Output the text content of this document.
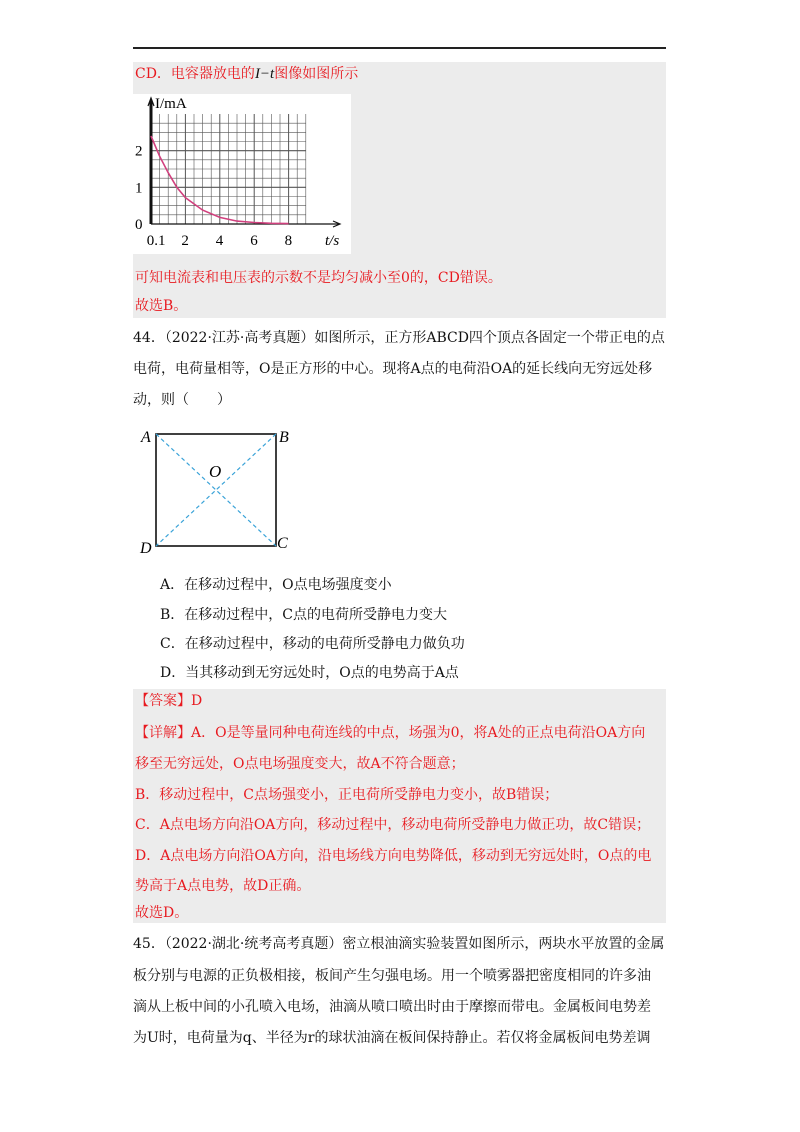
CD．电容器放电的I−t图像如图所示
0.1 2 4 6 8
0
1
2
I/mA
t/s
可知电流表和电压表的示数不是均匀减小至0的，CD错误。
故选B。
44．（2022·江苏·高考真题）如图所示，正方形ABCD四个顶点各固定一个带正电的点
电荷，电荷量相等，O是正方形的中心。现将A点的电荷沿OA的延长线向无穷远处移
动，则（　　）
A	B
C
D
O
A．在移动过程中，O点电场强度变小
B．在移动过程中，C点的电荷所受静电力变大
C．在移动过程中，移动的电荷所受静电力做负功
D．当其移动到无穷远处时，O点的电势高于A点
【答案】D
【详解】A．O是等量同种电荷连线的中点，场强为0，将A处的正点电荷沿OA方向
移至无穷远处，O点电场强度变大，故A不符合题意；
B．移动过程中，C点场强变小，正电荷所受静电力变小，故B错误；
C．A点电场方向沿OA方向，移动过程中，移动电荷所受静电力做正功，故C错误；
D．A点电场方向沿OA方向，沿电场线方向电势降低，移动到无穷远处时，O点的电
势高于A点电势，故D正确。
故选D。
45．（2022·湖北·统考高考真题）密立根油滴实验装置如图所示，两块水平放置的金属
板分别与电源的正负极相接，板间产生匀强电场。用一个喷雾器把密度相同的许多油
滴从上板中间的小孔喷入电场，油滴从喷口喷出时由于摩擦而带电。金属板间电势差
为U时，电荷量为q、半径为r的球状油滴在板间保持静止。若仅将金属板间电势差调
